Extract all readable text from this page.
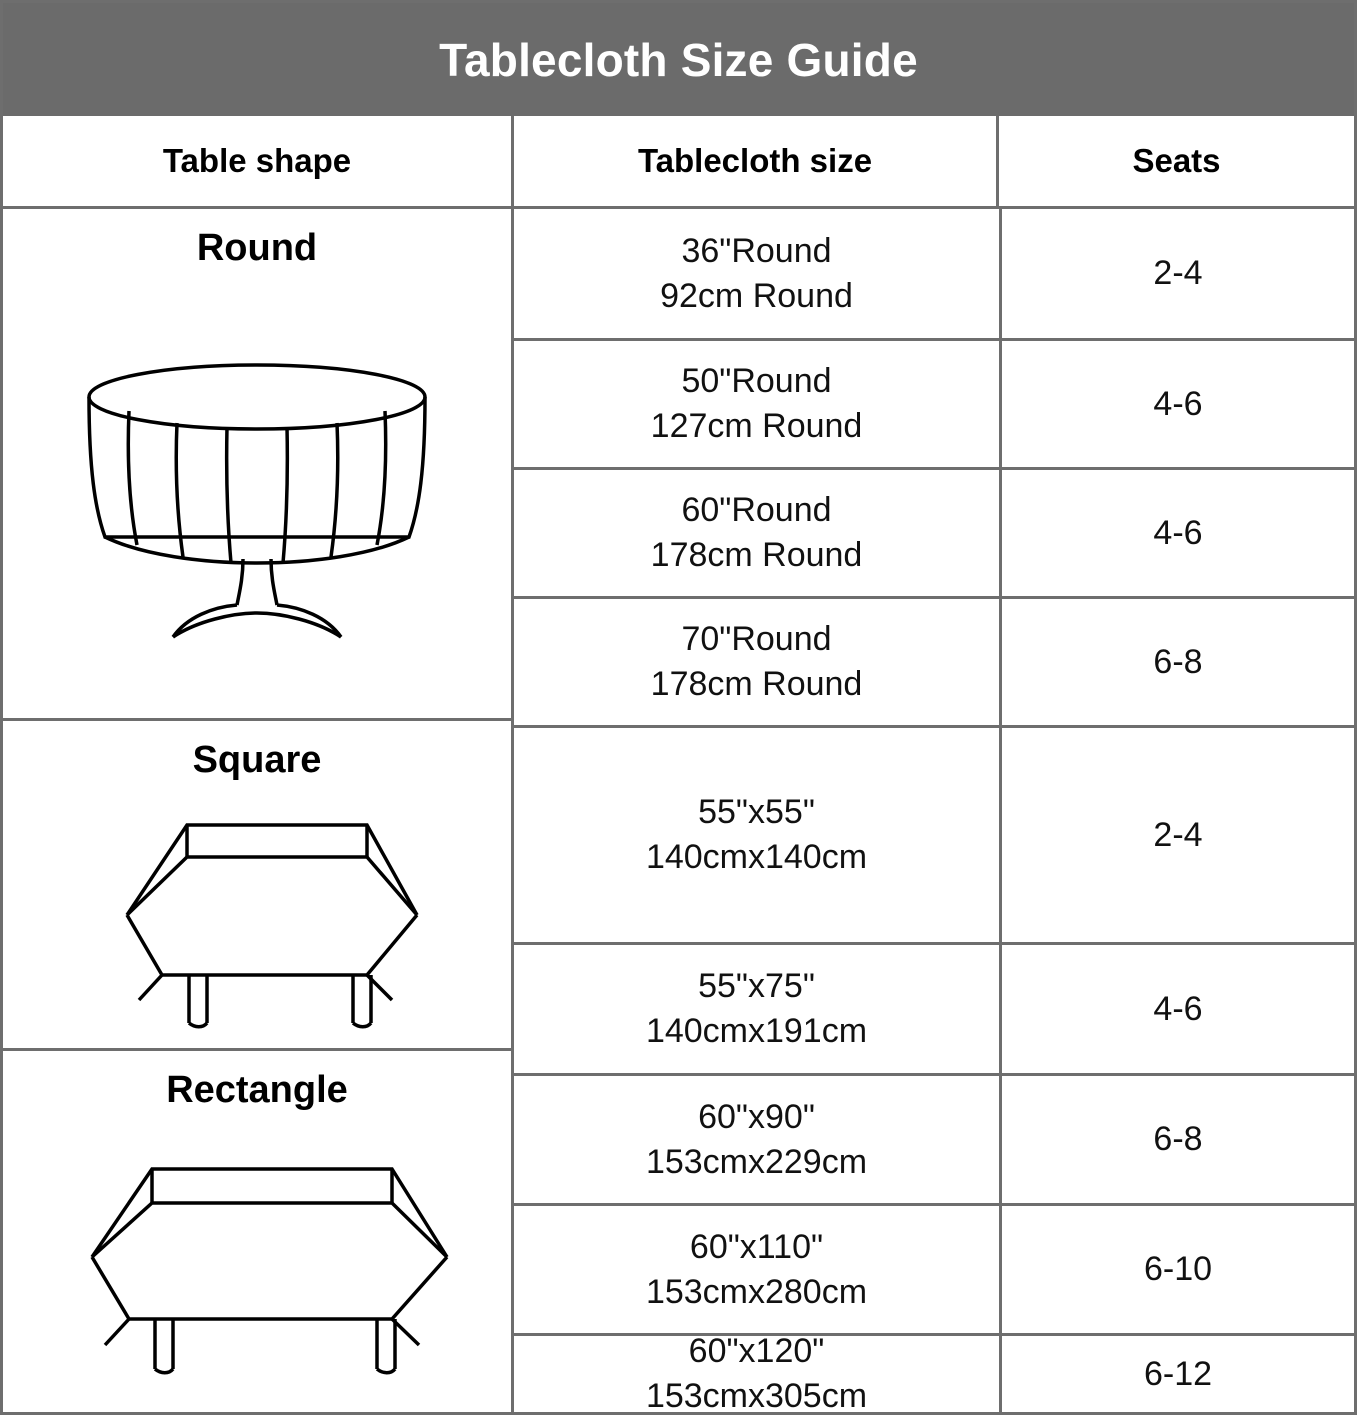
Tablecloth Size Guide
Table shape	Tablecloth size	Seats
Round
Square
Rectangle
36"Round
92cm Round
2-4
50"Round
127cm Round
4-6
60"Round
178cm Round
4-6
70"Round
178cm Round
6-8
55"x55"
140cmx140cm
2-4
55"x75"
140cmx191cm
4-6
60"x90"
153cmx229cm
6-8
60"x110"
153cmx280cm
6-10
60"x120"
153cmx305cm
6-12
